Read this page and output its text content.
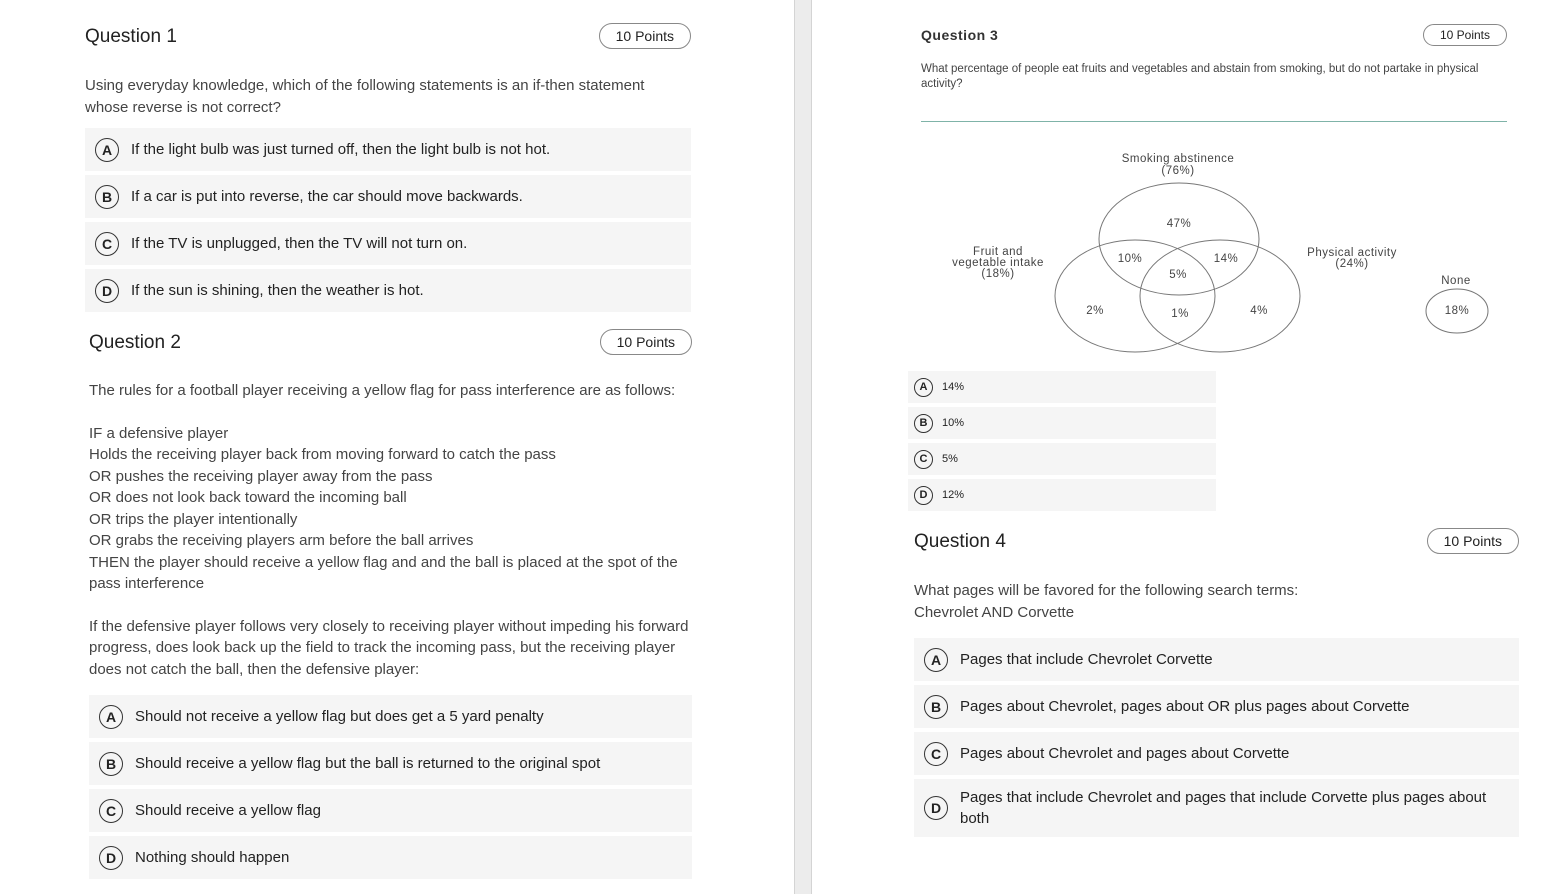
Question 1	10 Points
Using everyday knowledge, which of the following statements is an if-then statement whose reverse is not correct?
A	If the light bulb was just turned off, then the light bulb is not hot.
B	If a car is put into reverse, the car should move backwards.
C	If the TV is unplugged, then the TV will not turn on.
D	If the sun is shining, then the weather is hot.
Question 2	10 Points
The rules for a football player receiving a yellow flag for pass interference are as follows:
IF a defensive player
Holds the receiving player back from moving forward to catch the pass
OR pushes the receiving player away from the pass
OR does not look back toward the incoming ball
OR trips the player intentionally
OR grabs the receiving players arm before the ball arrives
THEN the player should receive a yellow flag and and the ball is placed at the spot of the pass interference
If the defensive player follows very closely to receiving player without impeding his forward progress, does look back up the field to track the incoming pass, but the receiving player does not catch the ball, then the defensive player:
A	Should not receive a yellow flag but does get a 5 yard penalty
B	Should receive a yellow flag but the ball is returned to the original spot
C	Should receive a yellow flag
D	Nothing should happen
Question 3	10 Points
What percentage of people eat fruits and vegetables and abstain from smoking, but do not partake in physical activity?
Smoking abstinence
(76%)
Fruit and
vegetable intake
(18%)
Physical activity
(24%)
None
18%
47%
10%	14%
5%
2%	1%	4%
A	14%
B	10%
C	5%
D	12%
Question 4	10 Points
What pages will be favored for the following search terms:
Chevrolet AND Corvette
A	Pages that include Chevrolet Corvette
B	Pages about Chevrolet, pages about OR plus pages about Corvette
C	Pages about Chevrolet and pages about Corvette
D
Pages that include Chevrolet and pages that include Corvette plus pages about both
